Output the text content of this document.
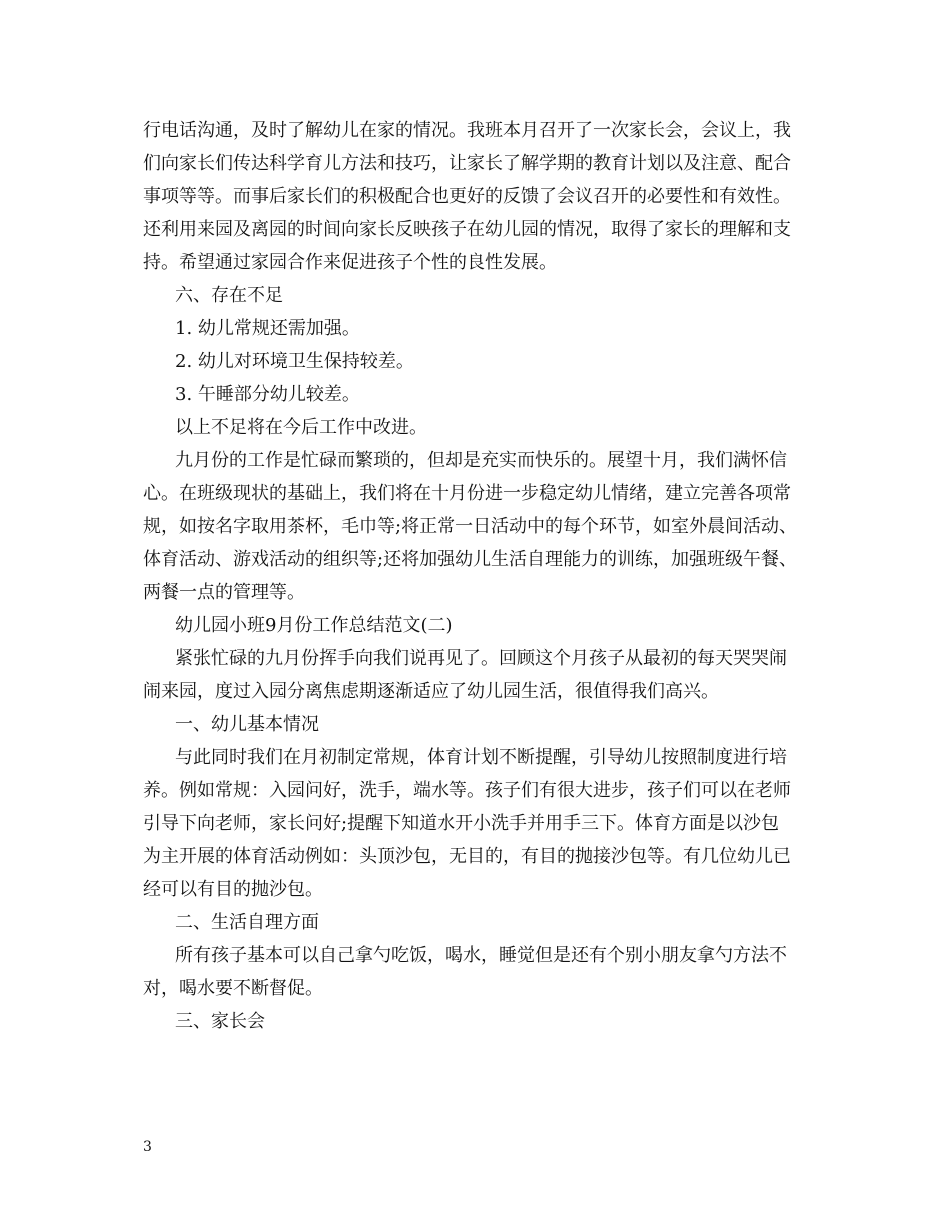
行电话沟通，及时了解幼儿在家的情况。我班本月召开了一次家长会，会议上，我

们向家长们传达科学育儿方法和技巧，让家长了解学期的教育计划以及注意、配合

事项等等。而事后家长们的积极配合也更好的反馈了会议召开的必要性和有效性。

还利用来园及离园的时间向家长反映孩子在幼儿园的情况，取得了家长的理解和支

持。希望通过家园合作来促进孩子个性的良性发展。

六、存在不足

1. 幼儿常规还需加强。

2. 幼儿对环境卫生保持较差。

3. 午睡部分幼儿较差。

以上不足将在今后工作中改进。

九月份的工作是忙碌而繁琐的，但却是充实而快乐的。展望十月，我们满怀信

心。在班级现状的基础上，我们将在十月份进一步稳定幼儿情绪，建立完善各项常

规，如按名字取用茶杯，毛巾等;将正常一日活动中的每个环节，如室外晨间活动、

体育活动、游戏活动的组织等;还将加强幼儿生活自理能力的训练，加强班级午餐、

两餐一点的管理等。

幼儿园小班9月份工作总结范文(二)

紧张忙碌的九月份挥手向我们说再见了。回顾这个月孩子从最初的每天哭哭闹

闹来园，度过入园分离焦虑期逐渐适应了幼儿园生活，很值得我们高兴。

一、幼儿基本情况

与此同时我们在月初制定常规，体育计划不断提醒，引导幼儿按照制度进行培

养。例如常规：入园问好，洗手，端水等。孩子们有很大进步，孩子们可以在老师

引导下向老师，家长问好;提醒下知道水开小洗手并用手三下。体育方面是以沙包

为主开展的体育活动例如：头顶沙包，无目的，有目的抛接沙包等。有几位幼儿已

经可以有目的抛沙包。

二、生活自理方面

所有孩子基本可以自己拿勺吃饭，喝水，睡觉但是还有个别小朋友拿勺方法不

对，喝水要不断督促。

三、家长会

3
